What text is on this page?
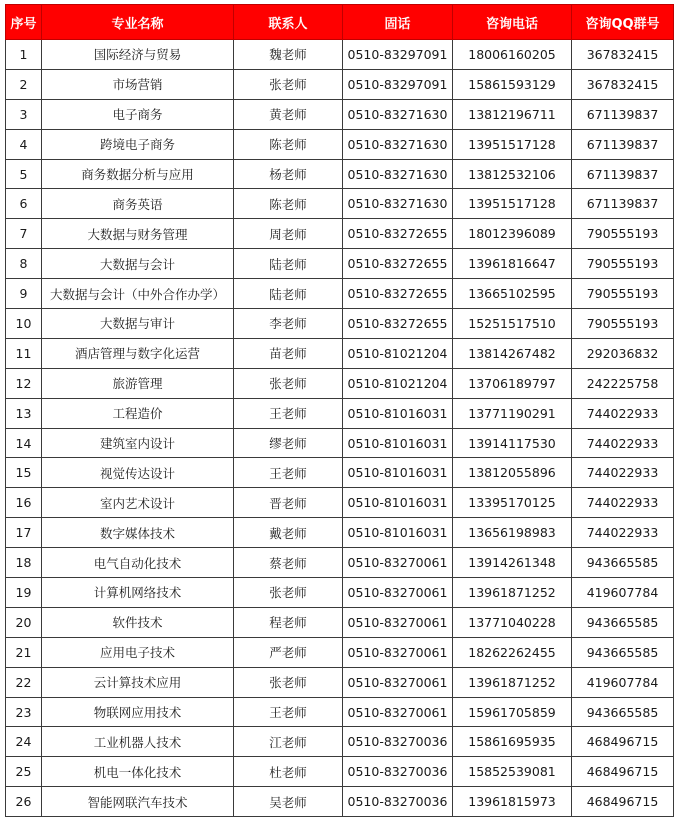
序号	专业名称	联系人	固话	咨询电话	咨询QQ群号
1	国际经济与贸易	魏老师	0510-83297091	18006160205	367832415
2	市场营销	张老师	0510-83297091	15861593129	367832415
3	电子商务	黄老师	0510-83271630	13812196711	671139837
4	跨境电子商务	陈老师	0510-83271630	13951517128	671139837
5	商务数据分析与应用	杨老师	0510-83271630	13812532106	671139837
6	商务英语	陈老师	0510-83271630	13951517128	671139837
7	大数据与财务管理	周老师	0510-83272655	18012396089	790555193
8	大数据与会计	陆老师	0510-83272655	13961816647	790555193
9	大数据与会计（中外合作办学）	陆老师	0510-83272655	13665102595	790555193
10	大数据与审计	李老师	0510-83272655	15251517510	790555193
11	酒店管理与数字化运营	苗老师	0510-81021204	13814267482	292036832
12	旅游管理	张老师	0510-81021204	13706189797	242225758
13	工程造价	王老师	0510-81016031	13771190291	744022933
14	建筑室内设计	缪老师	0510-81016031	13914117530	744022933
15	视觉传达设计	王老师	0510-81016031	13812055896	744022933
16	室内艺术设计	晋老师	0510-81016031	13395170125	744022933
17	数字媒体技术	戴老师	0510-81016031	13656198983	744022933
18	电气自动化技术	蔡老师	0510-83270061	13914261348	943665585
19	计算机网络技术	张老师	0510-83270061	13961871252	419607784
20	软件技术	程老师	0510-83270061	13771040228	943665585
21	应用电子技术	严老师	0510-83270061	18262262455	943665585
22	云计算技术应用	张老师	0510-83270061	13961871252	419607784
23	物联网应用技术	王老师	0510-83270061	15961705859	943665585
24	工业机器人技术	江老师	0510-83270036	15861695935	468496715
25	机电一体化技术	杜老师	0510-83270036	15852539081	468496715
26	智能网联汽车技术	吴老师	0510-83270036	13961815973	468496715
